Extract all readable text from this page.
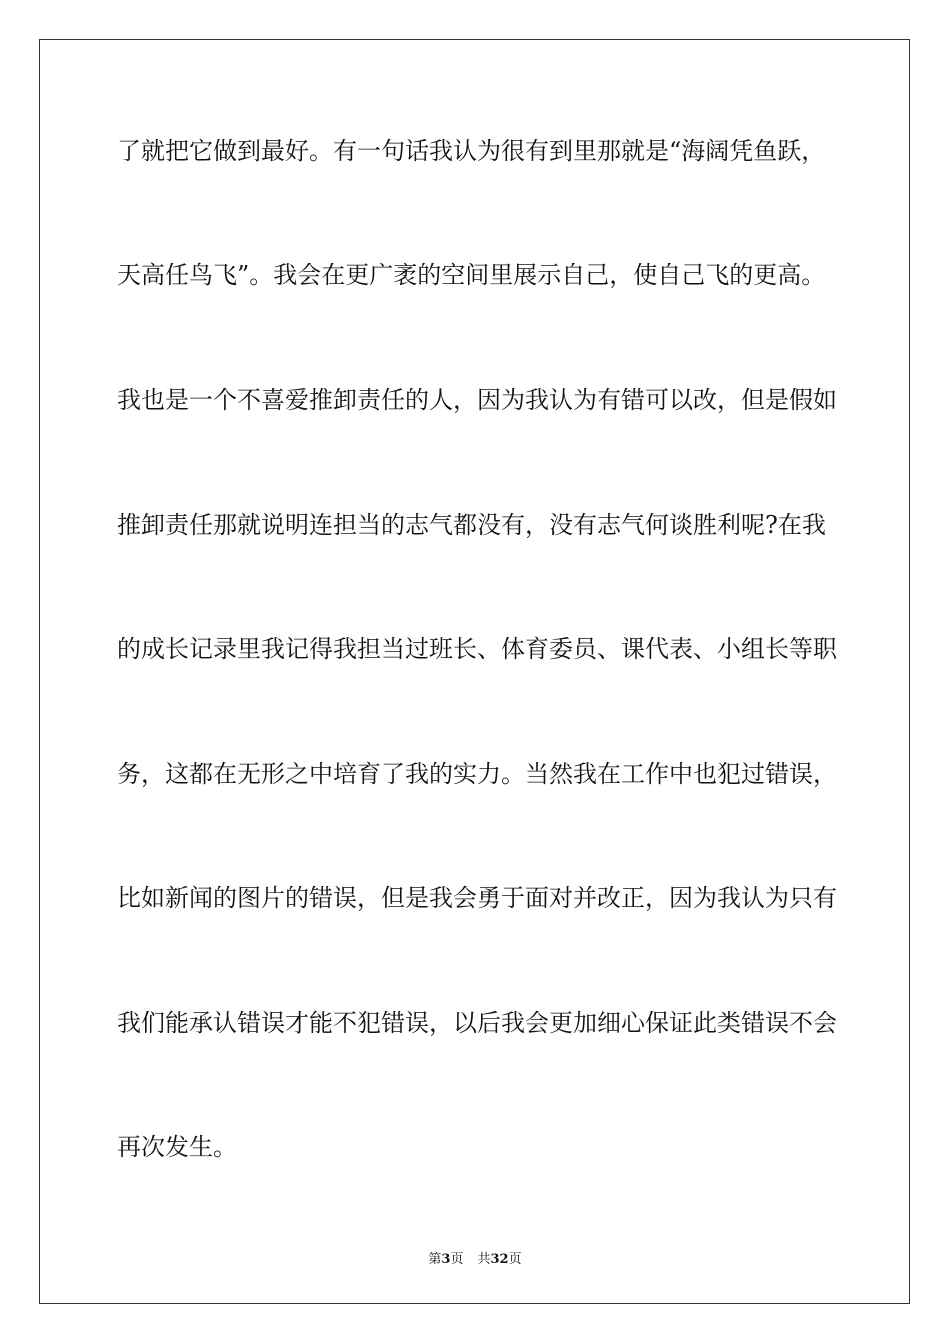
了就把它做到最好。有一句话我认为很有到里那就是“海阔凭鱼跃，
天高任鸟飞”。我会在更广袤的空间里展示自己，使自己飞的更高。
我也是一个不喜爱推卸责任的人，因为我认为有错可以改，但是假如
推卸责任那就说明连担当的志气都没有，没有志气何谈胜利呢?在我
的成长记录里我记得我担当过班长、体育委员、课代表、小组长等职
务，这都在无形之中培育了我的实力。当然我在工作中也犯过错误，
比如新闻的图片的错误，但是我会勇于面对并改正，因为我认为只有
我们能承认错误才能不犯错误，以后我会更加细心保证此类错误不会
再次发生。
第3页 共32页
